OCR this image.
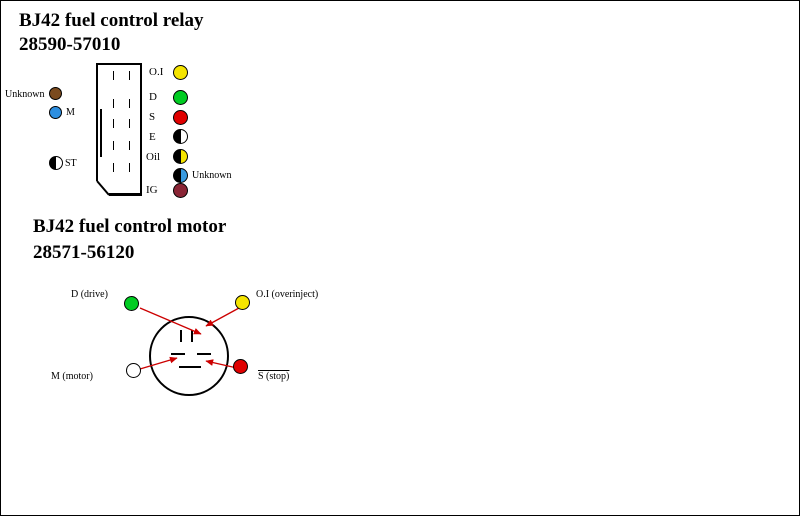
BJ42 fuel control relay
28590-57010
Unknown
M
ST
O.I
D
S
E
Oil
Unknown
IG
BJ42 fuel control motor
28571-56120
D (drive)	O.I (overinject)
M (motor)	S (stop)
